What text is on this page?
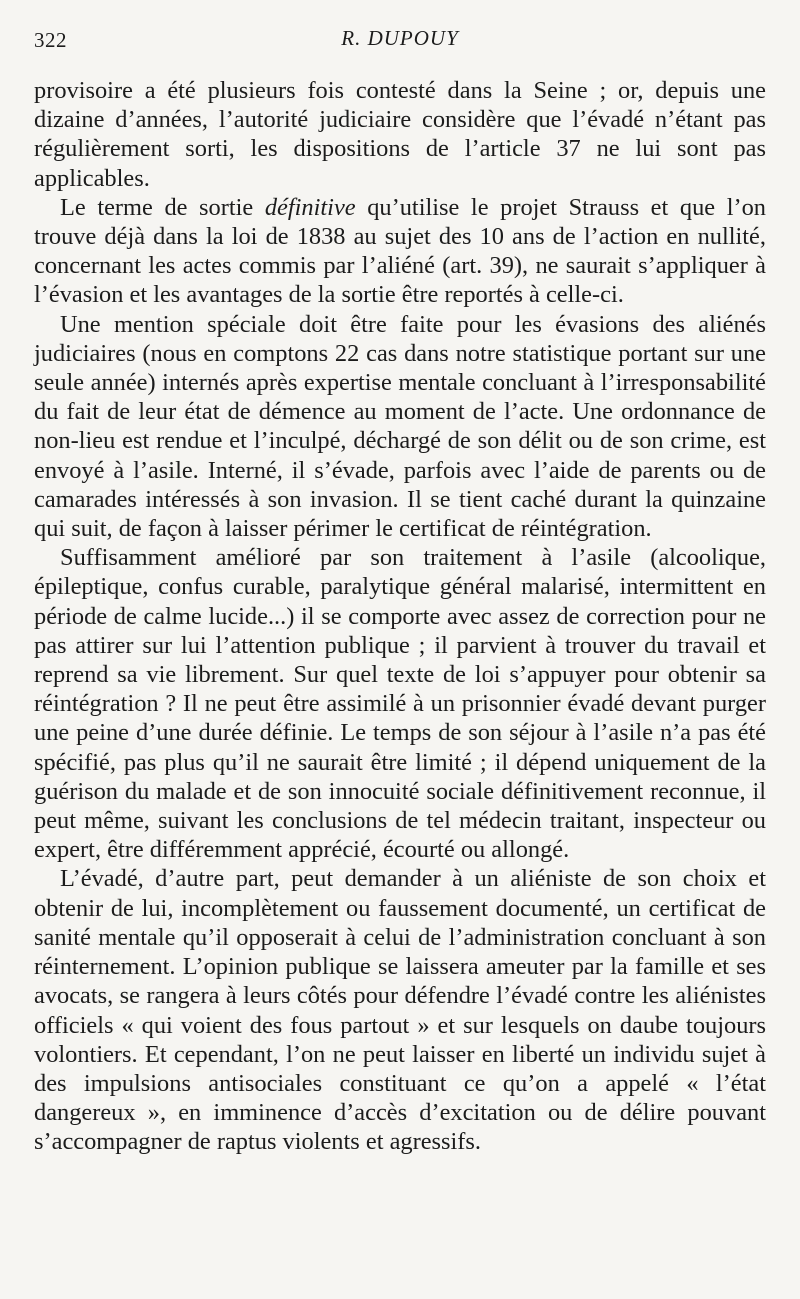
322	R. DUPOUY

provisoire a été plusieurs fois contesté dans la Seine ; or, depuis une dizaine d’années, l’autorité judiciaire considère que l’évadé n’étant pas régulièrement sorti, les dispositions de l’article 37 ne lui sont pas applicables.

Le terme de sortie définitive qu’utilise le projet Strauss et que l’on trouve déjà dans la loi de 1838 au sujet des 10 ans de l’action en nullité, concernant les actes commis par l’aliéné (art. 39), ne saurait s’appliquer à l’évasion et les avantages de la sortie être reportés à celle-ci.

Une mention spéciale doit être faite pour les évasions des aliénés judiciaires (nous en comptons 22 cas dans notre statistique portant sur une seule année) internés après expertise mentale concluant à l’irresponsabilité du fait de leur état de démence au moment de l’acte. Une ordonnance de non-lieu est rendue et l’inculpé, déchargé de son délit ou de son crime, est envoyé à l’asile. Interné, il s’évade, parfois avec l’aide de parents ou de camarades intéressés à son invasion. Il se tient caché durant la quinzaine qui suit, de façon à laisser périmer le certificat de réintégration.

Suffisamment amélioré par son traitement à l’asile (alcoolique, épileptique, confus curable, paralytique général malarisé, intermittent en période de calme lucide...) il se comporte avec assez de correction pour ne pas attirer sur lui l’attention publique ; il parvient à trouver du travail et reprend sa vie librement. Sur quel texte de loi s’appuyer pour obtenir sa réintégration ? Il ne peut être assimilé à un prisonnier évadé devant purger une peine d’une durée définie. Le temps de son séjour à l’asile n’a pas été spécifié, pas plus qu’il ne saurait être limité ; il dépend uniquement de la guérison du malade et de son innocuité sociale définitivement reconnue, il peut même, suivant les conclusions de tel médecin traitant, inspecteur ou expert, être différemment apprécié, écourté ou allongé.

L’évadé, d’autre part, peut demander à un aliéniste de son choix et obtenir de lui, incomplètement ou faussement documenté, un certificat de sanité mentale qu’il opposerait à celui de l’administration concluant à son réinternement. L’opinion publique se laissera ameuter par la famille et ses avocats, se rangera à leurs côtés pour défendre l’évadé contre les aliénistes officiels « qui voient des fous partout » et sur lesquels on daube toujours volontiers. Et cependant, l’on ne peut laisser en liberté un individu sujet à des impulsions antisociales constituant ce qu’on a appelé « l’état dangereux », en imminence d’accès d’excitation ou de délire pouvant s’accompagner de raptus violents et agressifs.
